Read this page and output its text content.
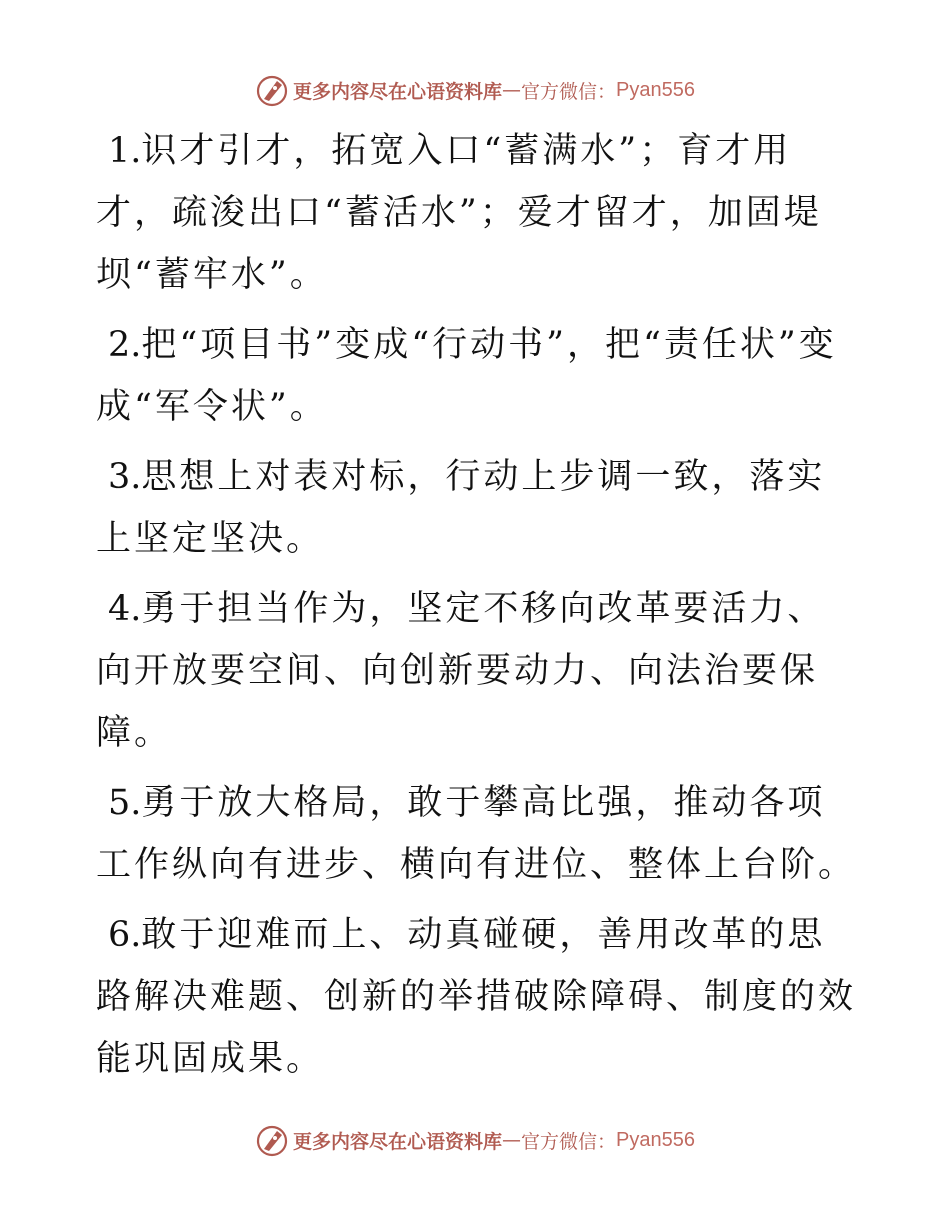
更多内容尽在心语资料库 — 官方微信： Pyan556

1.识才引才，拓宽入口“蓄满水”；育才用才，疏浚出口“蓄活水”；爱才留才，加固堤坝“蓄牢水”。

2.把“项目书”变成“行动书”，把“责任状”变成“军令状”。

3.思想上对表对标，行动上步调一致，落实上坚定坚决。

4.勇于担当作为，坚定不移向改革要活力、向开放要空间、向创新要动力、向法治要保障。

5.勇于放大格局，敢于攀高比强，推动各项工作纵向有进步、横向有进位、整体上台阶。

6.敢于迎难而上、动真碰硬，善用改革的思路解决难题、创新的举措破除障碍、制度的效能巩固成果。

更多内容尽在心语资料库 — 官方微信： Pyan556
